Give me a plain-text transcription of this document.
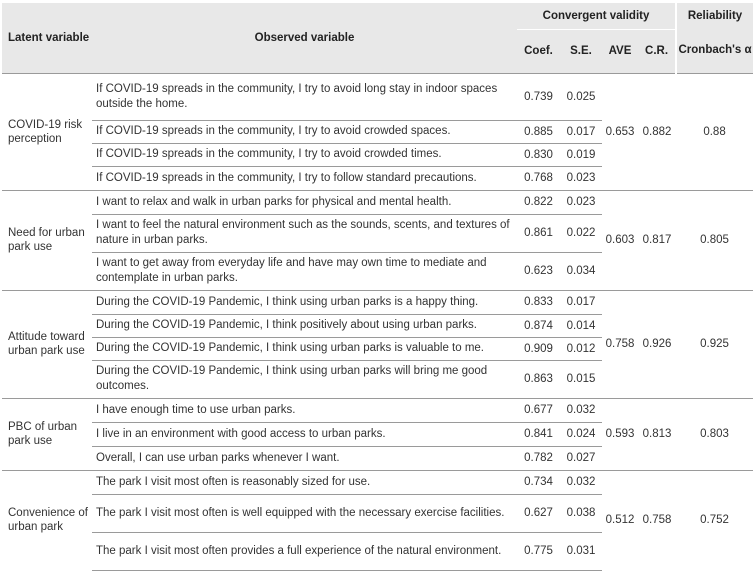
Latent variable	Observed variable	Convergent validity				Reliability
		Coef.	S.E.	AVE	C.R.	Cronbach's α
COVID-19 risk perception	If COVID-19 spreads in the community, I try to avoid long stay in indoor spaces outside the home.	0.739	0.025	0.653	0.882	0.88
	If COVID-19 spreads in the community, I try to avoid crowded spaces.	0.885	0.017			
	If COVID-19 spreads in the community, I try to avoid crowded times.	0.830	0.019			
	If COVID-19 spreads in the community, I try to follow standard precautions.	0.768	0.023			
Need for urban park use	I want to relax and walk in urban parks for physical and mental health.	0.822	0.023	0.603	0.817	0.805
	I want to feel the natural environment such as the sounds, scents, and textures of nature in urban parks.	0.861	0.022			
	I want to get away from everyday life and have may own time to mediate and contemplate in urban parks.	0.623	0.034			
Attitude toward urban park use	During the COVID-19 Pandemic, I think using urban parks is a happy thing.	0.833	0.017	0.758	0.926	0.925
	During the COVID-19 Pandemic, I think positively about using urban parks.	0.874	0.014			
	During the COVID-19 Pandemic, I think using urban parks is valuable to me.	0.909	0.012			
	During the COVID-19 Pandemic, I think using urban parks will bring me good outcomes.	0.863	0.015			
PBC of urban park use	I have enough time to use urban parks.	0.677	0.032	0.593	0.813	0.803
	I live in an environment with good access to urban parks.	0.841	0.024			
	Overall, I can use urban parks whenever I want.	0.782	0.027			
Convenience of urban park	The park I visit most often is reasonably sized for use.	0.734	0.032	0.512	0.758	0.752
	The park I visit most often is well equipped with the necessary exercise facilities.	0.627	0.038			
	The park I visit most often provides a full experience of the natural environment.	0.775	0.031			
